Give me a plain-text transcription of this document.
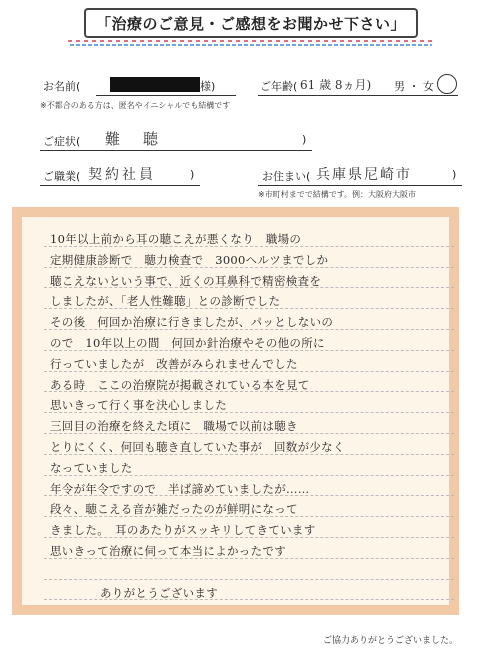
「治療のご意見・ご感想をお聞かせ下さい」
お名前(	様)
※不都合のある方は、匿名やイニシャルでも結構です
ご年齢( 61 歳 8ヵ月) 男 ・ 女
ご症状( 難　聴	)
ご職業( 契約社員	)	お住まい( 兵庫県尼崎市	)
※市町村までで結構です。例：大阪府大阪市
10年以上前から耳の聴こえが悪くなり　職場の
定期健康診断で　聴力検査で　3000ヘルツまでしか
聴こえないという事で、近くの耳鼻科で精密検査を
しましたが、「老人性難聴」との診断でした
その後　何回か治療に行きましたが、パッとしないの
ので　10年以上の間　何回か針治療やその他の所に
行っていましたが　改善がみられませんでした
ある時　ここの治療院が掲載されている本を見て
思いきって行く事を決心しました
三回目の治療を終えた頃に　職場で以前は聴き
とりにくく、何回も聴き直していた事が　回数が少なく
なっていました
年令が年令ですので　半ば諦めていましたが……
段々、聴こえる音が雑だったのが鮮明になって
きました。　耳のあたりがスッキリしてきています
思いきって治療に伺って本当によかったです
ありがとうございます
ご協力ありがとうございました。
